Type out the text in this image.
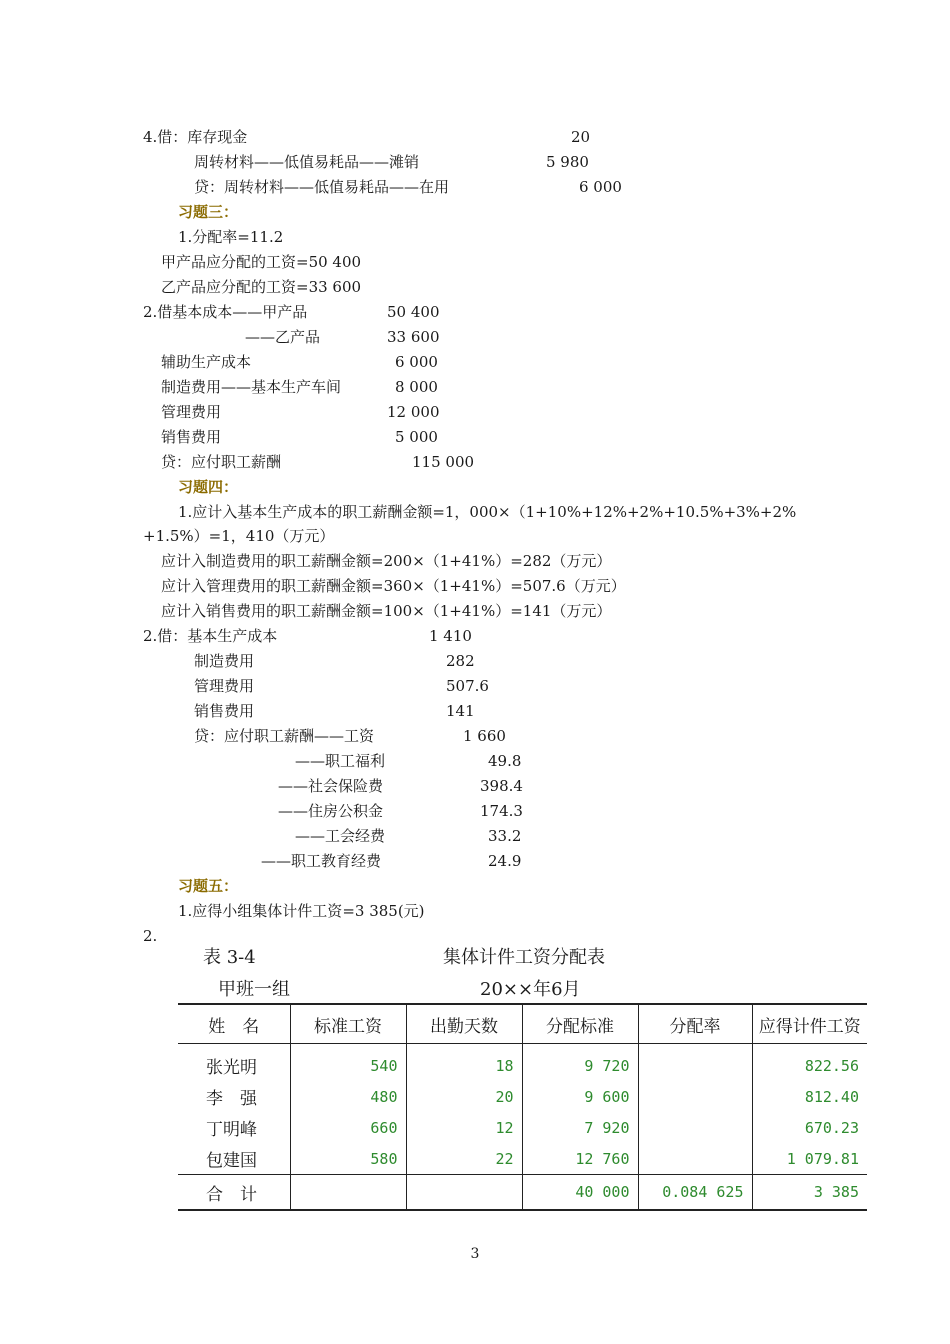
4.借：库存现金	20
周转材料——低值易耗品——滩销	5 980
贷：周转材料——低值易耗品——在用	6 000
习题三：
1.分配率=11.2
甲产品应分配的工资=50 400
乙产品应分配的工资=33 600
2.借基本成本——甲产品	50 400
——乙产品	33 600
辅助生产成本	6 000
制造费用——基本生产车间	8 000
管理费用	12 000
销售费用	5 000
贷：应付职工薪酬	115 000
习题四：
1.应计入基本生产成本的职工薪酬金额=1，000×（1+10%+12%+2%+10.5%+3%+2%
+1.5%）=1，410（万元）
应计入制造费用的职工薪酬金额=200×（1+41%）=282（万元）
应计入管理费用的职工薪酬金额=360×（1+41%）=507.6（万元）
应计入销售费用的职工薪酬金额=100×（1+41%）=141（万元）
2.借：基本生产成本	1 410
制造费用	282
管理费用	507.6
销售费用	141
贷：应付职工薪酬——工资	1 660
——职工福利	49.8
——社会保险费	398.4
——住房公积金	174.3
——工会经费	33.2
——职工教育经费	24.9
习题五：
1.应得小组集体计件工资=3 385(元)
2.
表 3-4	集体计件工资分配表
甲班一组	20××年6月
姓　名	标准工资	出勤天数	分配标准	分配率	应得计件工资
张光明	540	18	9 720		822.56
李　强	480	20	9 600		812.40
丁明峰	660	12	7 920		670.23
包建国	580	22	12 760		1 079.81
合　计			40 000	0.084 625	3 385
3
